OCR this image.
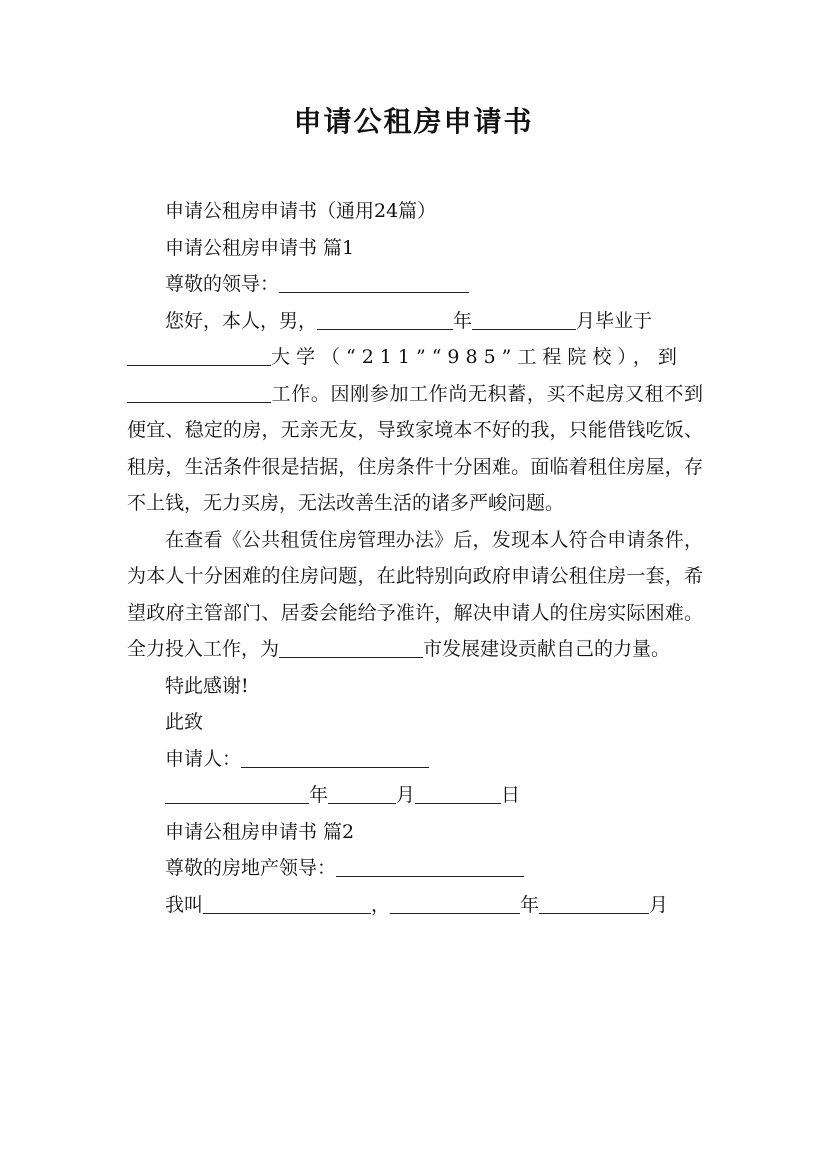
申请公租房申请书

申请公租房申请书（通用24篇）

申请公租房申请书 篇1

尊敬的领导：

您好，本人，男，	年	月毕业于
大学（“211”“985”工程院校），到
工作。因刚参加工作尚无积蓄，买不起房又租不到便宜、稳定的房，无亲无友，导致家境本不好的我，只能借钱吃饭、租房，生活条件很是拮据，住房条件十分困难。面临着租住房屋，存不上钱，无力买房，无法改善生活的诸多严峻问题。

在查看《公共租赁住房管理办法》后，发现本人符合申请条件，为本人十分困难的住房问题，在此特别向政府申请公租住房一套，希望政府主管部门、居委会能给予准许，解决申请人的住房实际困难。全力投入工作，为	市发展建设贡献自己的力量。

特此感谢!

此致

申请人：

年	月	日

申请公租房申请书 篇2

尊敬的房地产领导：

我叫	，	年	月
